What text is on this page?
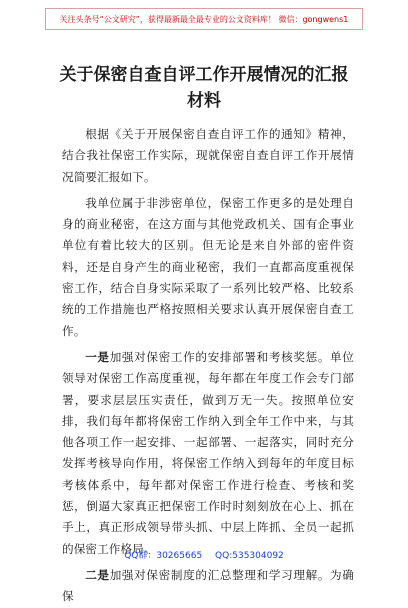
关注头条号“公文研究”，获得最新最全最专业的公文资料库！ 微信：gongwens1
关于保密自查自评工作开展情况的汇报材料

根据《关于开展保密自查自评工作的通知》精神，结合我社保密工作实际，现就保密自查自评工作开展情况简要汇报如下。

我单位属于非涉密单位，保密工作更多的是处理自身的商业秘密，在这方面与其他党政机关、国有企事业单位有着比较大的区别。但无论是来自外部的密件资料，还是自身产生的商业秘密，我们一直都高度重视保密工作，结合自身实际采取了一系列比较严格、比较系统的工作措施也严格按照相关要求认真开展保密自查工作。

一是加强对保密工作的安排部署和考核奖惩。单位领导对保密工作高度重视，每年都在年度工作会专门部署，要求层层压实责任，做到万无一失。按照单位安排，我们每年都将保密工作纳入到全年工作中来，与其他各项工作一起安排、一起部署、一起落实，同时充分发挥考核导向作用，将保密工作纳入到每年的年度目标考核体系中，每年都对保密工作进行检查、考核和奖惩，倒逼大家真正把保密工作时时刻刻放在心上、抓在手上，真正形成领导带头抓、中层上阵抓、全员一起抓的保密工作格局。

二是加强对保密制度的汇总整理和学习理解。为确保

QQ群：30265665 QQ:535304092
